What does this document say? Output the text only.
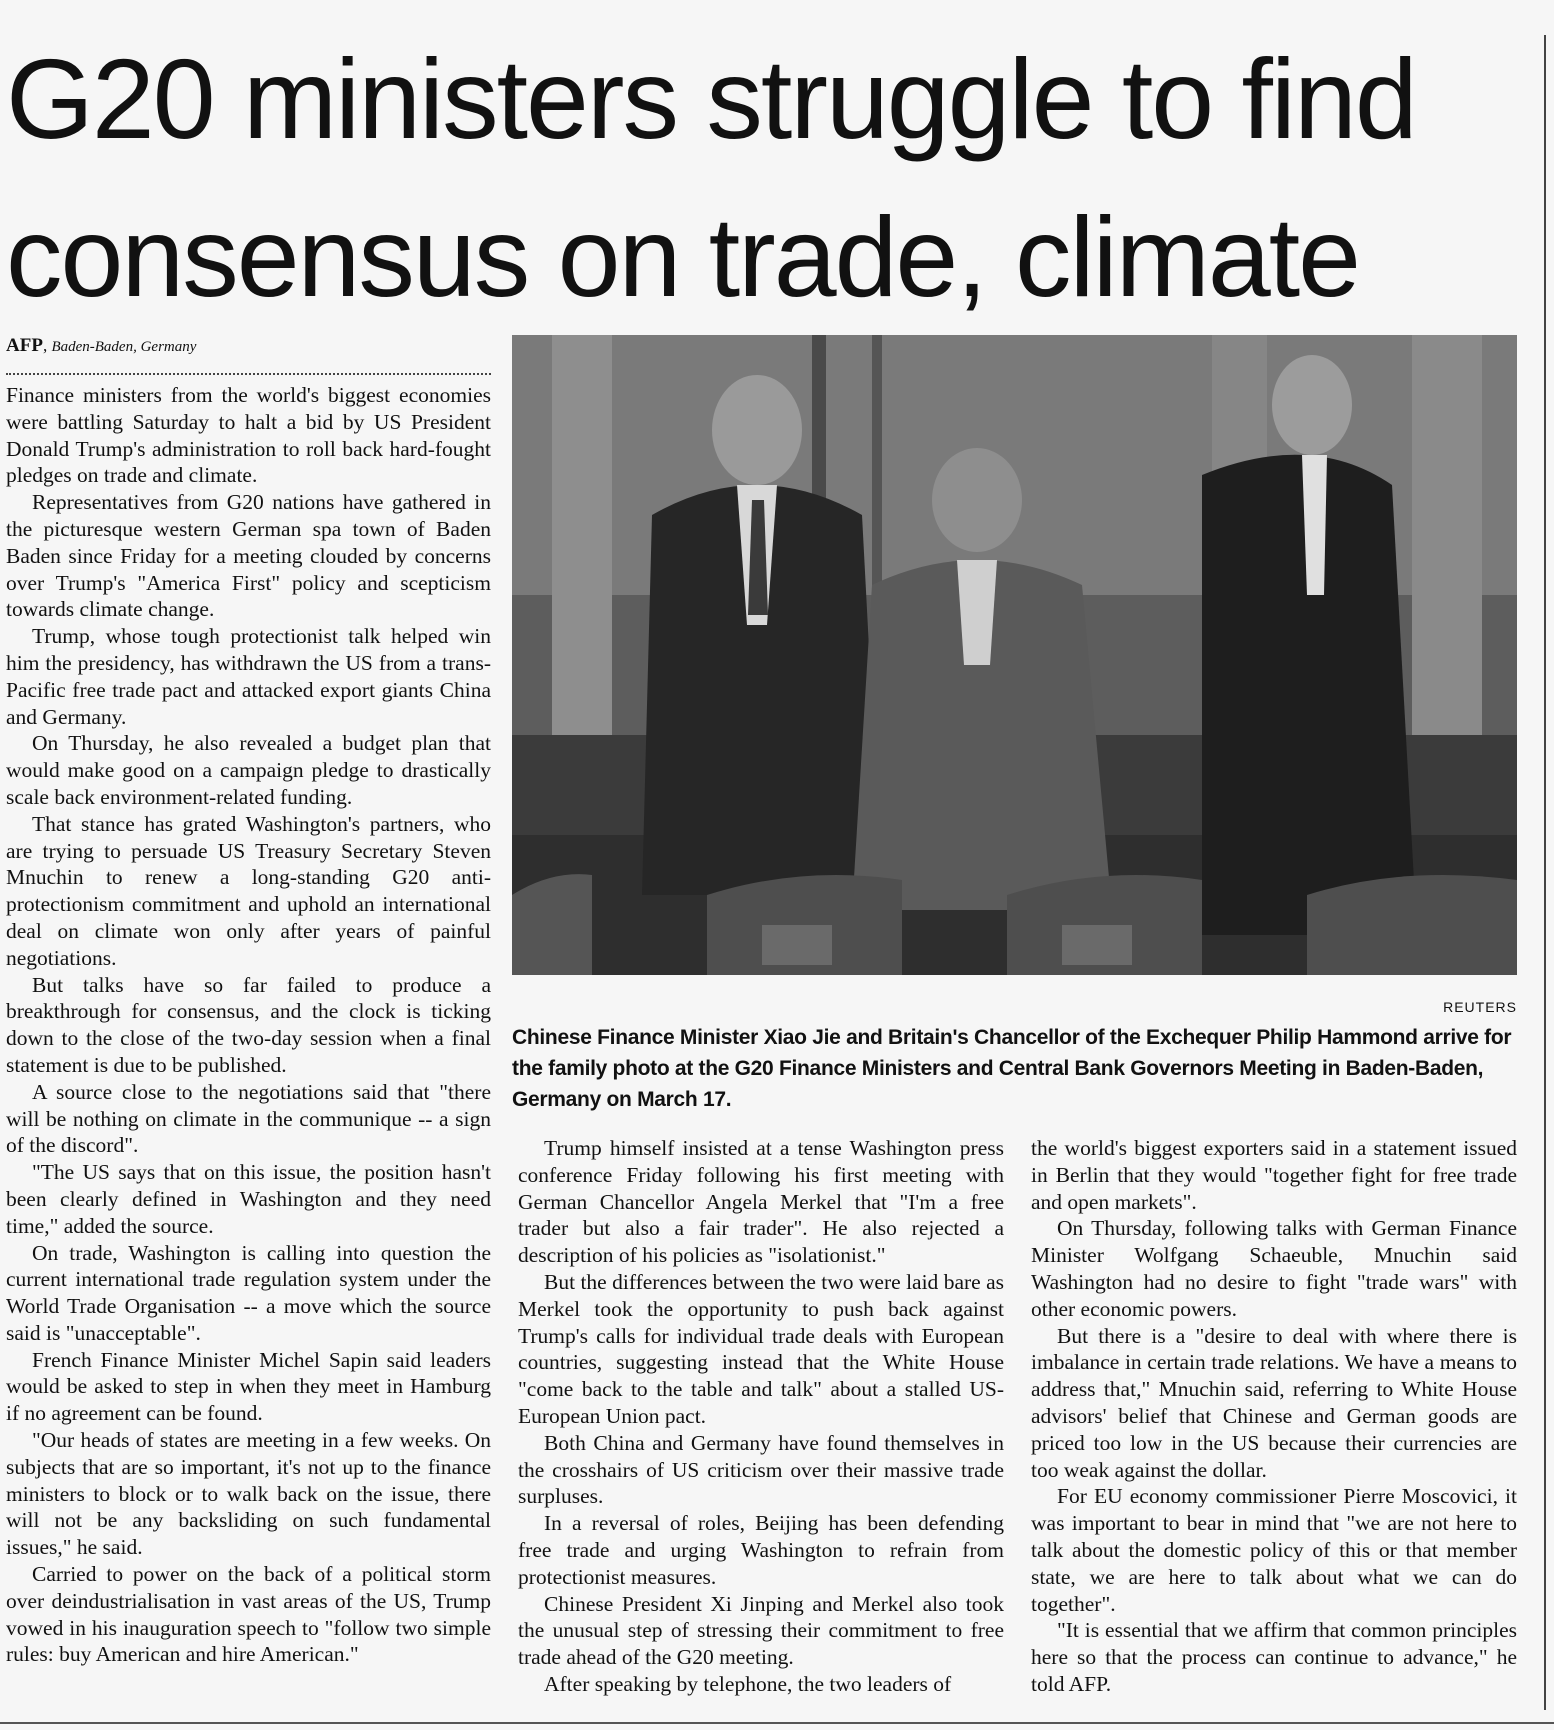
G20 ministers struggle to find
consensus on trade, climate
AFP, Baden-Baden, Germany

Finance ministers from the world's biggest economies were battling Saturday to halt a bid by US President Donald Trump's administration to roll back hard-fought pledges on trade and climate.

Representatives from G20 nations have gathered in the picturesque western German spa town of Baden Baden since Friday for a meeting clouded by concerns over Trump's "America First" policy and scepticism towards climate change.

Trump, whose tough protectionist talk helped win him the presidency, has withdrawn the US from a trans-Pacific free trade pact and attacked export giants China and Germany.

On Thursday, he also revealed a budget plan that would make good on a campaign pledge to drastically scale back environment-related funding.

That stance has grated Washington's partners, who are trying to persuade US Treasury Secretary Steven Mnuchin to renew a long-standing G20 anti-protectionism commitment and uphold an international deal on climate won only after years of painful negotiations.

But talks have so far failed to produce a breakthrough for consensus, and the clock is ticking down to the close of the two-day session when a final statement is due to be published.

A source close to the negotiations said that "there will be nothing on climate in the communique -- a sign of the discord".

"The US says that on this issue, the position hasn't been clearly defined in Washington and they need time," added the source.

On trade, Washington is calling into question the current international trade regulation system under the World Trade Organisation -- a move which the source said is "unacceptable".

French Finance Minister Michel Sapin said leaders would be asked to step in when they meet in Hamburg if no agreement can be found.

"Our heads of states are meeting in a few weeks. On subjects that are so important, it's not up to the finance ministers to block or to walk back on the issue, there will not be any backsliding on such fundamental issues," he said.

Carried to power on the back of a political storm over deindustrialisation in vast areas of the US, Trump vowed in his inauguration speech to "follow two simple rules: buy American and hire American."

REUTERS

Chinese Finance Minister Xiao Jie and Britain's Chancellor of the Exchequer Philip Hammond arrive for the family photo at the G20 Finance Ministers and Central Bank Governors Meeting in Baden-Baden, Germany on March 17.

Trump himself insisted at a tense Washington press conference Friday following his first meeting with German Chancellor Angela Merkel that "I'm a free trader but also a fair trader". He also rejected a description of his policies as "isolationist."

But the differences between the two were laid bare as Merkel took the opportunity to push back against Trump's calls for individual trade deals with European countries, suggesting instead that the White House "come back to the table and talk" about a stalled US-European Union pact.

Both China and Germany have found themselves in the crosshairs of US criticism over their massive trade surpluses.

In a reversal of roles, Beijing has been defending free trade and urging Washington to refrain from protectionist measures.

Chinese President Xi Jinping and Merkel also took the unusual step of stressing their commitment to free trade ahead of the G20 meeting.

After speaking by telephone, the two leaders of

the world's biggest exporters said in a statement issued in Berlin that they would "together fight for free trade and open markets".

On Thursday, following talks with German Finance Minister Wolfgang Schaeuble, Mnuchin said Washington had no desire to fight "trade wars" with other economic powers.

But there is a "desire to deal with where there is imbalance in certain trade relations. We have a means to address that," Mnuchin said, referring to White House advisors' belief that Chinese and German goods are priced too low in the US because their currencies are too weak against the dollar.

For EU economy commissioner Pierre Moscovici, it was important to bear in mind that "we are not here to talk about the domestic policy of this or that member state, we are here to talk about what we can do together".

"It is essential that we affirm that common principles here so that the process can continue to advance," he told AFP.
